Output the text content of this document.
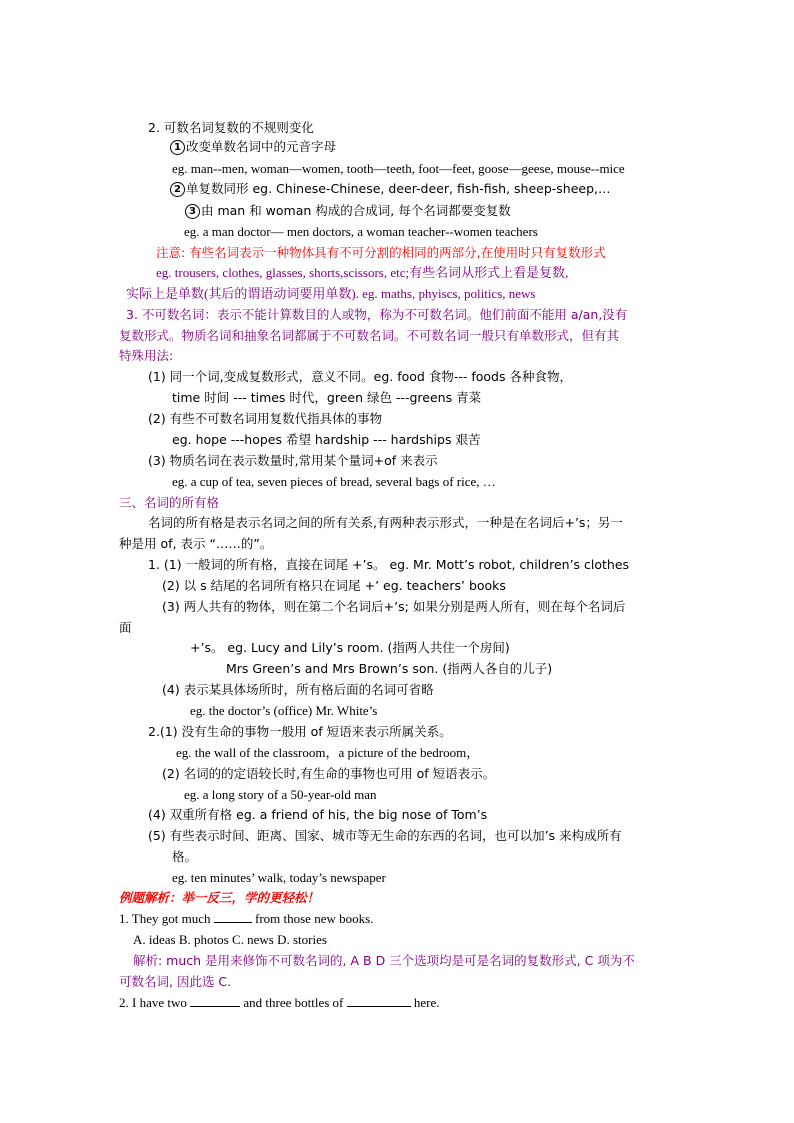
2. 可数名词复数的不规则变化
1 改变单数名词中的元音字母
eg. man--men, woman—women, tooth—teeth, foot—feet, goose—geese, mouse--mice
2 单复数同形 eg. Chinese-Chinese, deer-deer, fish-fish, sheep-sheep,…
3 由 man 和 woman 构成的合成词, 每个名词都要变复数
eg. a man doctor— men doctors, a woman teacher--women teachers
注意: 有些名词表示一种物体具有不可分割的相同的两部分,在使用时只有复数形式
eg. trousers, clothes, glasses, shorts,scissors, etc;有些名词从形式上看是复数,
实际上是单数(其后的谓语动词要用单数). eg. maths, phyiscs, politics, news
3. 不可数名词：表示不能计算数目的人或物，称为不可数名词。他们前面不能用 a/an,没有
复数形式。物质名词和抽象名词都属于不可数名词。不可数名词一般只有单数形式，但有其
特殊用法:
(1) 同一个词,变成复数形式，意义不同。eg. food 食物--- foods 各种食物，
time 时间 --- times 时代，green 绿色 ---greens 青菜
(2) 有些不可数名词用复数代指具体的事物
eg. hope ---hopes 希望 hardship --- hardships 艰苦
(3) 物质名词在表示数量时,常用某个量词+of 来表示
eg. a cup of tea, seven pieces of bread, several bags of rice, …
三、名词的所有格
名词的所有格是表示名词之间的所有关系,有两种表示形式，一种是在名词后+’s；另一
种是用 of, 表示 “……的”。
1. (1) 一般词的所有格，直接在词尾 +’s。 eg. Mr. Mott’s robot, children’s clothes
(2) 以 s 结尾的名词所有格只在词尾 +’ eg. teachers’ books
(3) 两人共有的物体，则在第二个名词后+’s; 如果分别是两人所有，则在每个名词后
面
+’s。 eg. Lucy and Lily’s room. (指两人共住一个房间)
Mrs Green’s and Mrs Brown’s son. (指两人各自的儿子)
(4) 表示某具体场所时，所有格后面的名词可省略
eg. the doctor’s (office) Mr. White’s
2.(1) 没有生命的事物一般用 of 短语来表示所属关系。
eg. the wall of the classroom，a picture of the bedroom，
(2) 名词的的定语较长时,有生命的事物也可用 of 短语表示。
eg. a long story of a 50-year-old man
(4) 双重所有格 eg. a friend of his, the big nose of Tom’s
(5) 有些表示时间、距离、国家、城市等无生命的东西的名词，也可以加’s 来构成所有
格。
eg. ten minutes’ walk, today’s newspaper
例题解析：举一反三，学的更轻松！
1. They got much	from those new books.
A. ideas B. photos C. news D. stories
解析: much 是用来修饰不可数名词的, A B D 三个选项均是可是名词的复数形式, C 项为不
可数名词, 因此选 C.
2. I have two	and three bottles of	here.
